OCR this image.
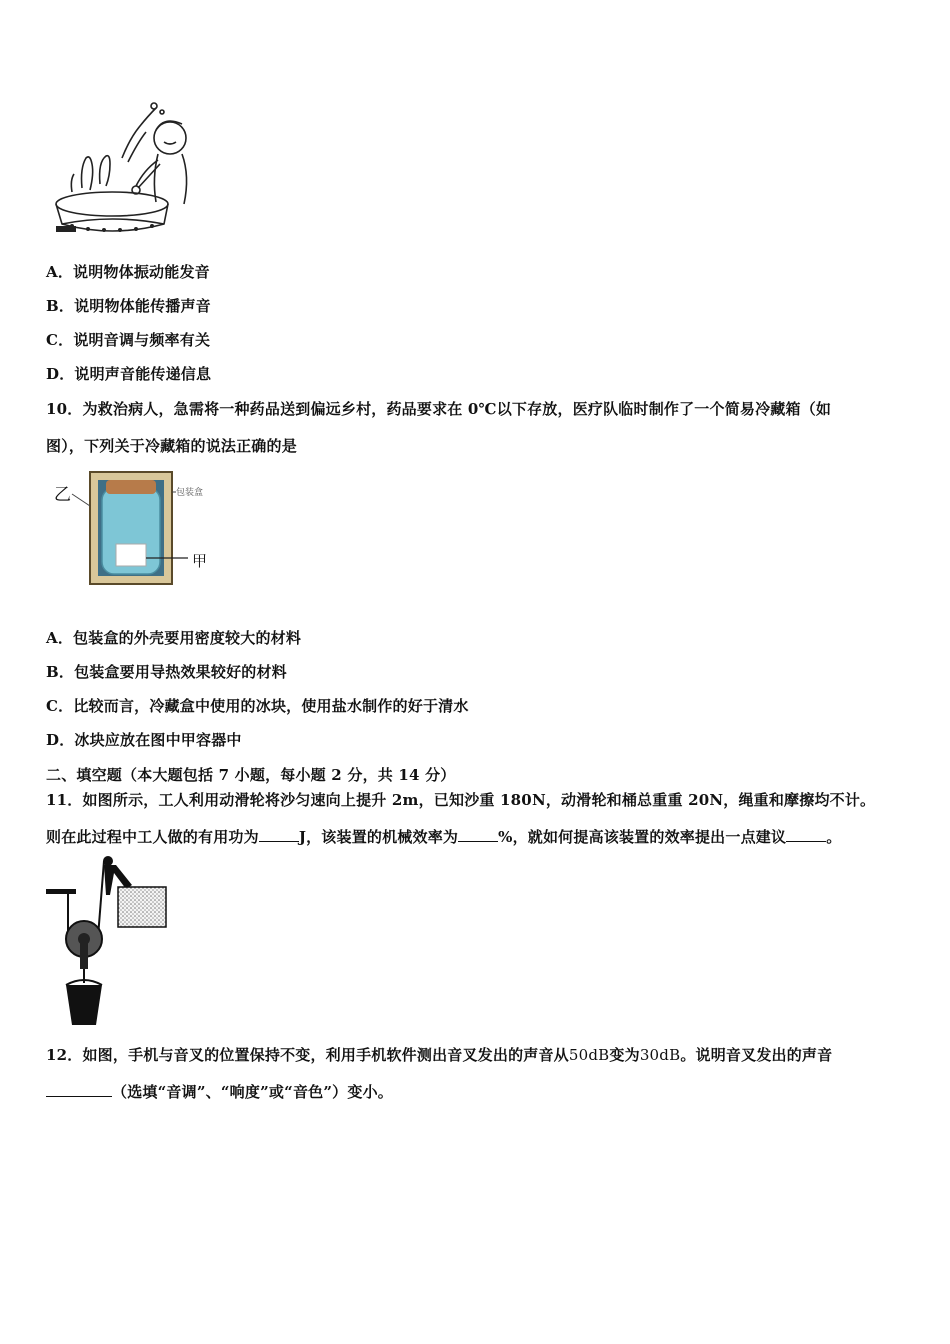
A．说明物体振动能发音
B．说明物体能传播声音
C．说明音调与频率有关
D．说明声音能传递信息
10．为救治病人，急需将一种药品送到偏远乡村，药品要求在 0℃以下存放，医疗队临时制作了一个简易冷藏箱（如
图），下列关于冷藏箱的说法正确的是
乙	包装盒
甲
A．包装盒的外壳要用密度较大的材料
B．包装盒要用导热效果较好的材料
C．比较而言，冷藏盒中使用的冰块，使用盐水制作的好于清水
D．冰块应放在图中甲容器中
二、填空题（本大题包括 7 小题，每小题 2 分，共 14 分）
11．如图所示，工人利用动滑轮将沙匀速向上提升 2m，已知沙重 180N，动滑轮和桶总重重 20N，绳重和摩擦均不计。
则在此过程中工人做的有用功为	J，该装置的机械效率为	%，就如何提高该装置的效率提出一点建议	。
12．如图，手机与音叉的位置保持不变，利用手机软件测出音叉发出的声音从50dB变为30dB。说明音叉发出的声音
（选填“音调”、“响度”或“音色”）变小。
